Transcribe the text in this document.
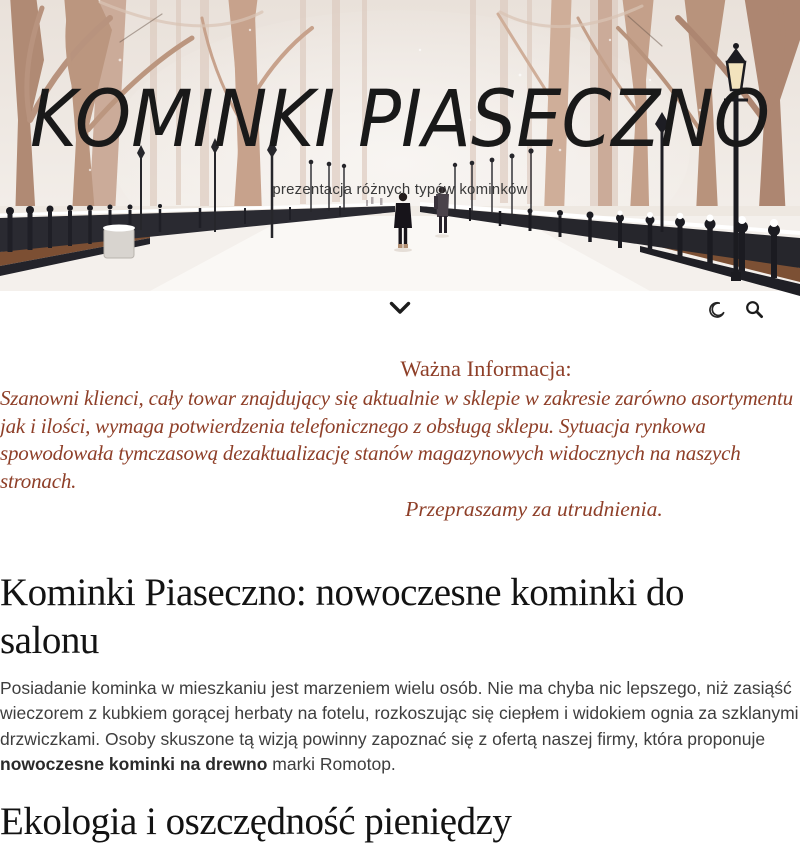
KOMINKI PIASECZNO
prezentacja różnych typów kominków
Ważna Informacja:

Szanowni klienci, cały towar znajdujący się aktualnie w sklepie w zakresie zarówno asortymentu jak i ilości, wymaga potwierdzenia telefonicznego z obsługą sklepu. Sytuacja rynkowa spowodowała tymczasową dezaktualizację stanów magazynowych widocznych na naszych stronach.

Przepraszamy za utrudnienia.

Kominki Piaseczno: nowoczesne kominki do salonu

Posiadanie kominka w mieszkaniu jest marzeniem wielu osób. Nie ma chyba nic lepszego, niż zasiąść wieczorem z kubkiem gorącej herbaty na fotelu, rozkoszując się ciepłem i widokiem ognia za szklanymi drzwiczkami. Osoby skuszone tą wizją powinny zapoznać się z ofertą naszej firmy, która proponuje nowoczesne kominki na drewno marki Romotop.

Ekologia i oszczędność pieniędzy
